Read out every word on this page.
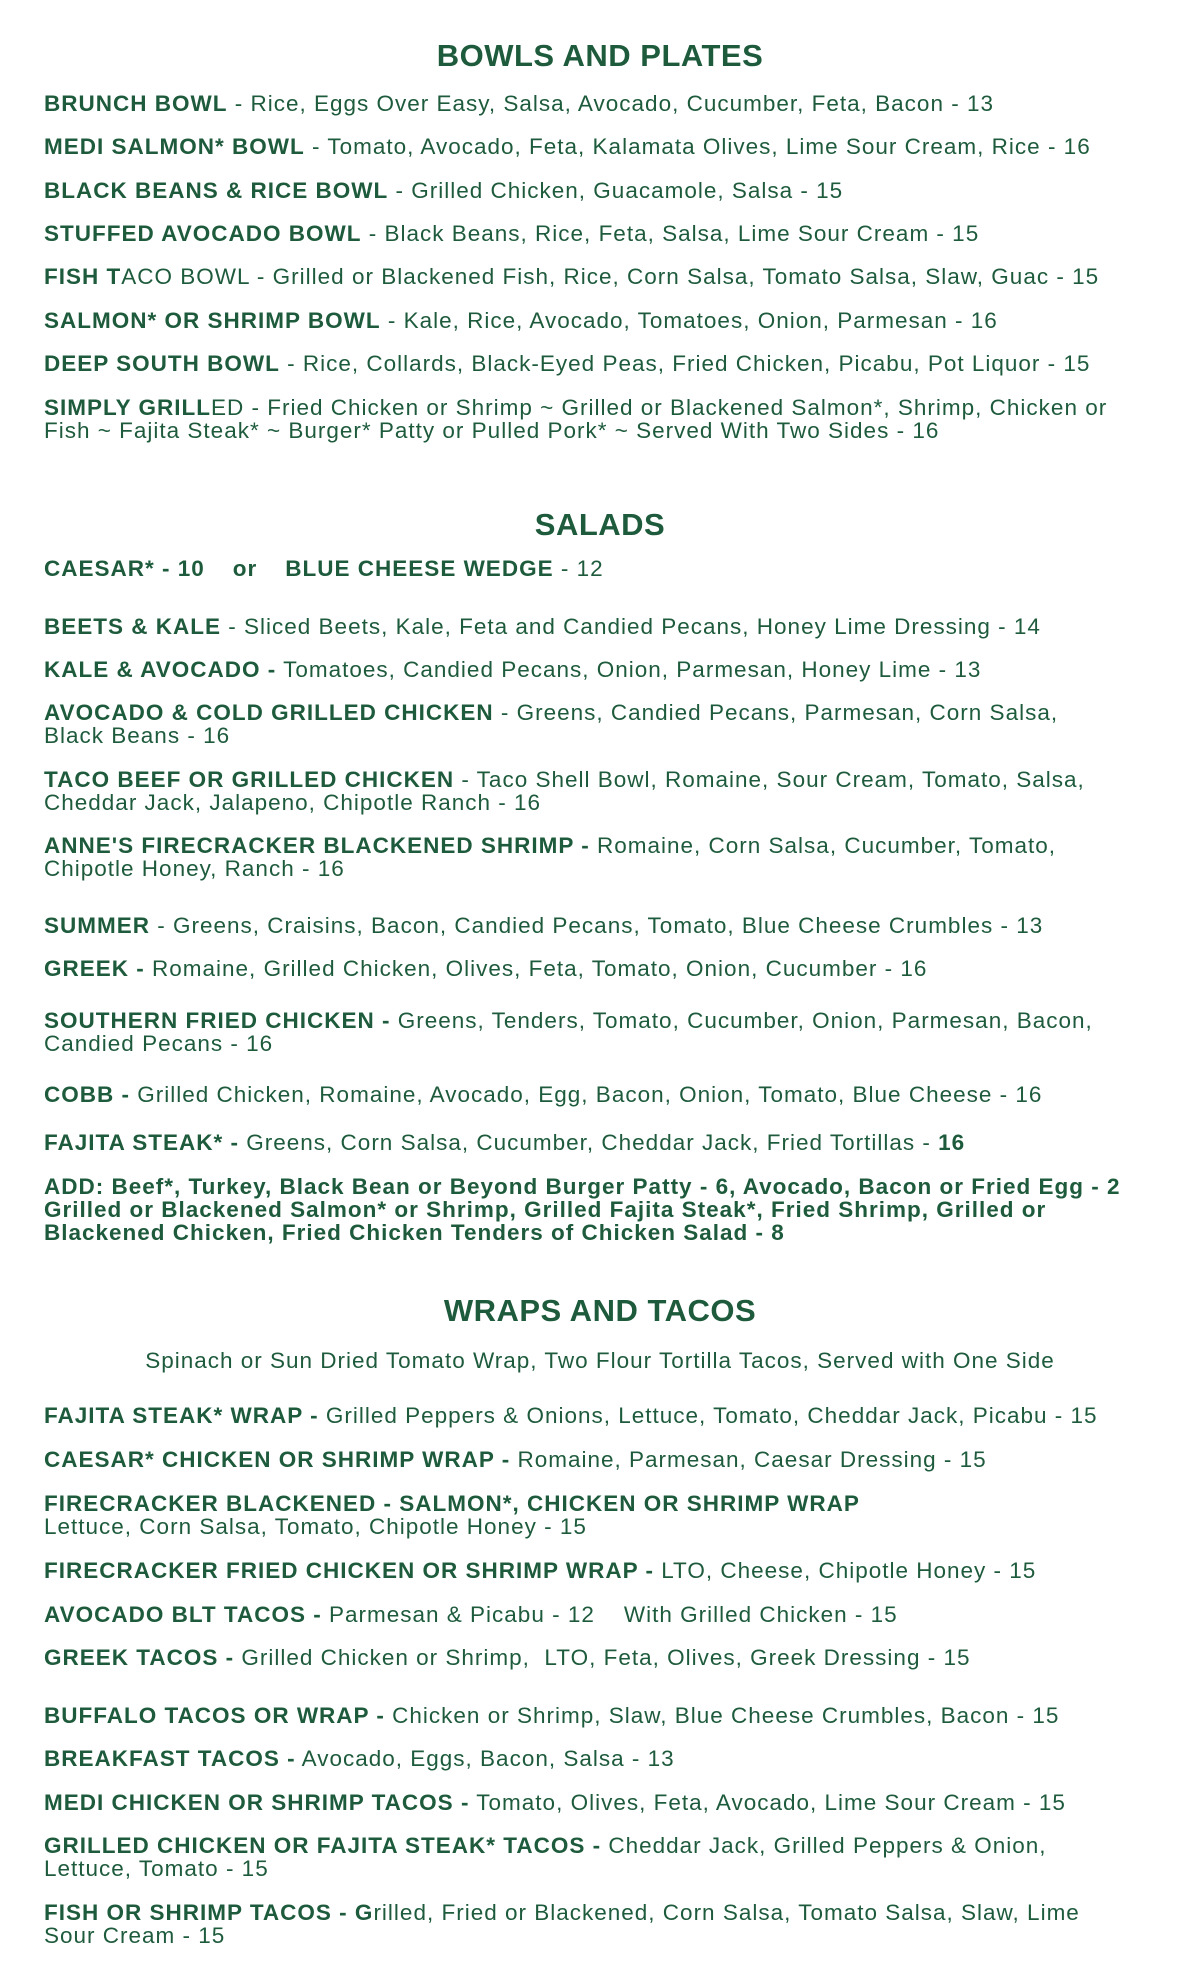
BOWLS AND PLATES

BRUNCH BOWL - Rice, Eggs Over Easy, Salsa, Avocado, Cucumber, Feta, Bacon - 13

MEDI SALMON* BOWL - Tomato, Avocado, Feta, Kalamata Olives, Lime Sour Cream, Rice - 16

BLACK BEANS & RICE BOWL - Grilled Chicken, Guacamole, Salsa - 15

STUFFED AVOCADO BOWL - Black Beans, Rice, Feta, Salsa, Lime Sour Cream - 15

FISH TACO BOWL - Grilled or Blackened Fish, Rice, Corn Salsa, Tomato Salsa, Slaw, Guac - 15

SALMON* OR SHRIMP BOWL - Kale, Rice, Avocado, Tomatoes, Onion, Parmesan - 16

DEEP SOUTH BOWL - Rice, Collards, Black-Eyed Peas, Fried Chicken, Picabu, Pot Liquor - 15

SIMPLY GRILLED - Fried Chicken or Shrimp ~ Grilled or Blackened Salmon*, Shrimp, Chicken or
Fish ~ Fajita Steak* ~ Burger* Patty or Pulled Pork* ~ Served With Two Sides - 16

SALADS

CAESAR* - 10 or BLUE CHEESE WEDGE - 12

BEETS & KALE - Sliced Beets, Kale, Feta and Candied Pecans, Honey Lime Dressing - 14

KALE & AVOCADO - Tomatoes, Candied Pecans, Onion, Parmesan, Honey Lime - 13

AVOCADO & COLD GRILLED CHICKEN - Greens, Candied Pecans, Parmesan, Corn Salsa,
Black Beans - 16

TACO BEEF OR GRILLED CHICKEN - Taco Shell Bowl, Romaine, Sour Cream, Tomato, Salsa,
Cheddar Jack, Jalapeno, Chipotle Ranch - 16

ANNE'S FIRECRACKER BLACKENED SHRIMP - Romaine, Corn Salsa, Cucumber, Tomato,
Chipotle Honey, Ranch - 16

SUMMER - Greens, Craisins, Bacon, Candied Pecans, Tomato, Blue Cheese Crumbles - 13

GREEK - Romaine, Grilled Chicken, Olives, Feta, Tomato, Onion, Cucumber - 16

SOUTHERN FRIED CHICKEN - Greens, Tenders, Tomato, Cucumber, Onion, Parmesan, Bacon,
Candied Pecans - 16

COBB - Grilled Chicken, Romaine, Avocado, Egg, Bacon, Onion, Tomato, Blue Cheese - 16

FAJITA STEAK* - Greens, Corn Salsa, Cucumber, Cheddar Jack, Fried Tortillas - 16

ADD: Beef*, Turkey, Black Bean or Beyond Burger Patty - 6, Avocado, Bacon or Fried Egg - 2
Grilled or Blackened Salmon* or Shrimp, Grilled Fajita Steak*, Fried Shrimp, Grilled or
Blackened Chicken, Fried Chicken Tenders of Chicken Salad - 8

WRAPS AND TACOS

Spinach or Sun Dried Tomato Wrap, Two Flour Tortilla Tacos, Served with One Side

FAJITA STEAK* WRAP - Grilled Peppers & Onions, Lettuce, Tomato, Cheddar Jack, Picabu - 15

CAESAR* CHICKEN OR SHRIMP WRAP - Romaine, Parmesan, Caesar Dressing - 15

FIRECRACKER BLACKENED - SALMON*, CHICKEN OR SHRIMP WRAP
Lettuce, Corn Salsa, Tomato, Chipotle Honey - 15

FIRECRACKER FRIED CHICKEN OR SHRIMP WRAP - LTO, Cheese, Chipotle Honey - 15

AVOCADO BLT TACOS - Parmesan & Picabu - 12    With Grilled Chicken - 15

GREEK TACOS - Grilled Chicken or Shrimp,  LTO, Feta, Olives, Greek Dressing - 15

BUFFALO TACOS OR WRAP - Chicken or Shrimp, Slaw, Blue Cheese Crumbles, Bacon - 15

BREAKFAST TACOS - Avocado, Eggs, Bacon, Salsa - 13

MEDI CHICKEN OR SHRIMP TACOS - Tomato, Olives, Feta, Avocado, Lime Sour Cream - 15

GRILLED CHICKEN OR FAJITA STEAK* TACOS - Cheddar Jack, Grilled Peppers & Onion,
Lettuce, Tomato - 15

FISH OR SHRIMP TACOS - Grilled, Fried or Blackened, Corn Salsa, Tomato Salsa, Slaw, Lime
Sour Cream - 15
